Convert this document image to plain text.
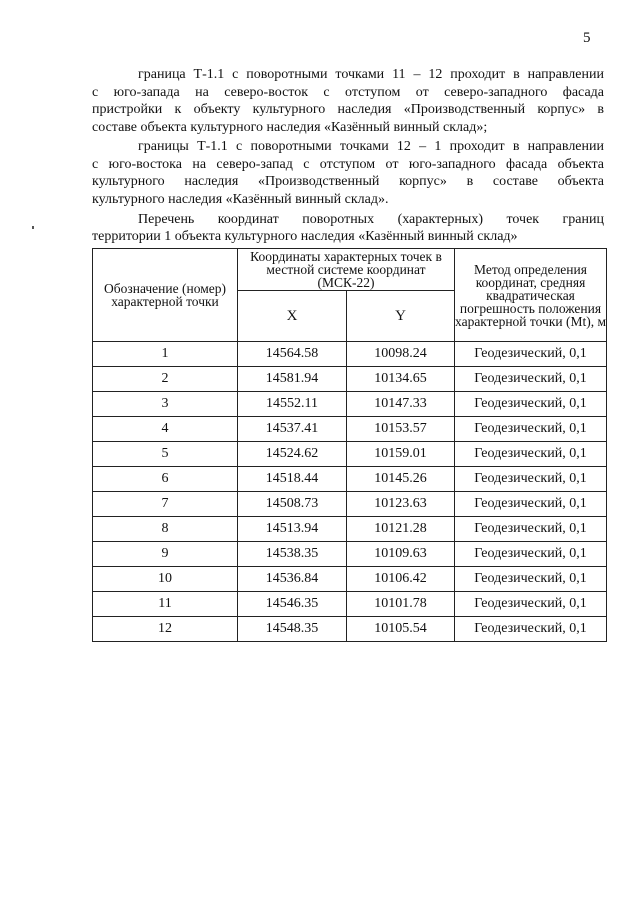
5

граница Т-1.1 с поворотными точками 11 – 12 проходит в направлении
с юго-запада на северо-восток с отступом от северо-западного фасада
пристройки к объекту культурного наследия «Производственный корпус» в
составе объекта культурного наследия «Казённый винный склад»;

границы Т-1.1 с поворотными точками 12 – 1 проходит в направлении
с юго-востока на северо-запад с отступом от юго-западного фасада объекта
культурного наследия «Производственный корпус» в составе объекта
культурного наследия «Казённый винный склад».

Перечень координат поворотных (характерных) точек границ
территории 1 объекта культурного наследия «Казённый винный склад»
Обозначение (номер) характерной точки	Координаты характерных точек в местной системе координат (МСК-22)		Метод определения координат, средняя квадратическая погрешность положения характерной точки (Mt), м
	X	Y	
1	14564.58	10098.24	Геодезический, 0,1
2	14581.94	10134.65	Геодезический, 0,1
3	14552.11	10147.33	Геодезический, 0,1
4	14537.41	10153.57	Геодезический, 0,1
5	14524.62	10159.01	Геодезический, 0,1
6	14518.44	10145.26	Геодезический, 0,1
7	14508.73	10123.63	Геодезический, 0,1
8	14513.94	10121.28	Геодезический, 0,1
9	14538.35	10109.63	Геодезический, 0,1
10	14536.84	10106.42	Геодезический, 0,1
11	14546.35	10101.78	Геодезический, 0,1
12	14548.35	10105.54	Геодезический, 0,1
